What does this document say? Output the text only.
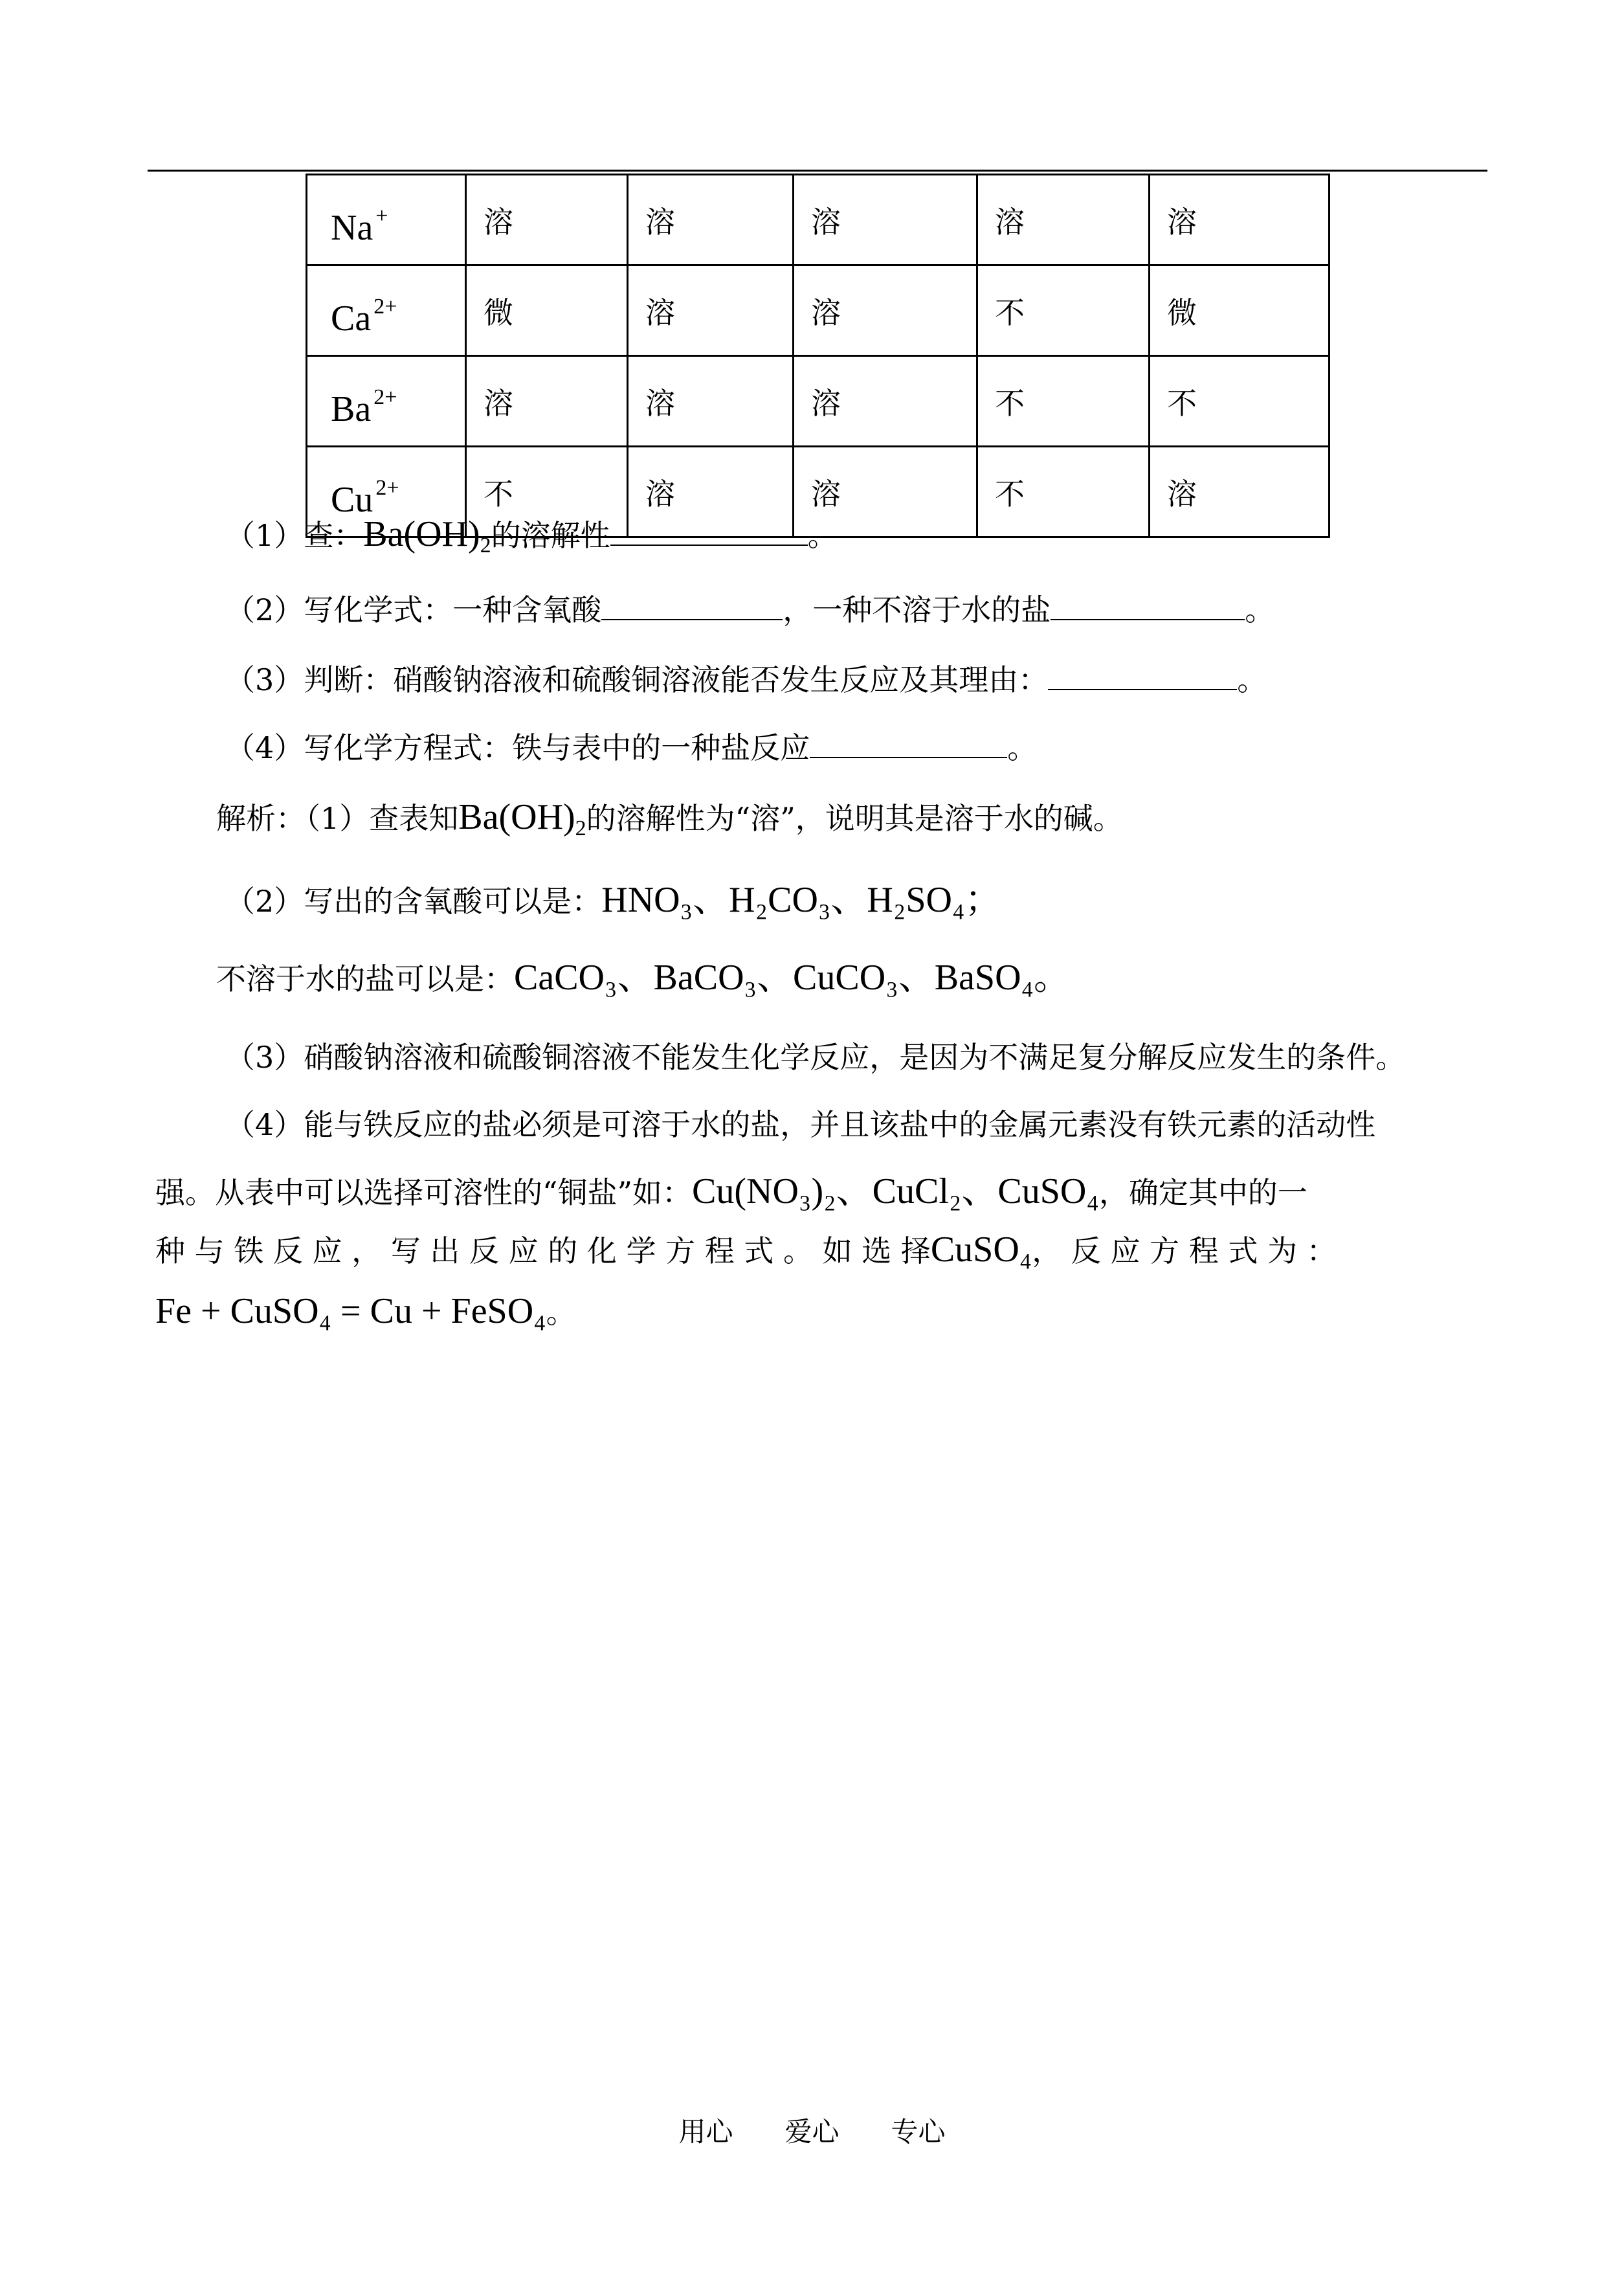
Na +	溶	溶	溶	溶	溶
Ca $^{2+}$	微	溶	溶	不	微
Ba $^{2+}$	溶	溶	溶	不	不
Cu $^{2+}$	不	溶	溶	不	溶
（1）查：$Ba(OH)_2$的溶解性	。
（2）写化学式：一种含氧酸	，一种不溶于水的盐	。
（3）判断：硝酸钠溶液和硫酸铜溶液能否发生反应及其理由：	。
（4）写化学方程式：铁与表中的一种盐反应	。
解析：（1）查表知$Ba(OH)_2$的溶解性为“溶”，说明其是溶于水的碱。
（2）写出的含氧酸可以是：HNO₃、H₂CO₃、H₂SO₄；
不溶于水的盐可以是：CaCO₃、BaCO₃、CuCO₃、BaSO₄。
（3）硝酸钠溶液和硫酸铜溶液不能发生化学反应，是因为不满足复分解反应发生的条件。
（4）能与铁反应的盐必须是可溶于水的盐，并且该盐中的金属元素没有铁元素的活动性
强。从表中可以选择可溶性的“铜盐”如：Cu(NO₃)₂、CuCl₂、CuSO₄，确定其中的一
种 与 铁 反 应 ， 写 出 反 应 的 化 学 方 程 式 。 如 选 择CuSO₄， 反 应 方 程 式 为 ：
Fe + CuSO₄ = Cu + FeSO₄。
用心 爱心 专心
